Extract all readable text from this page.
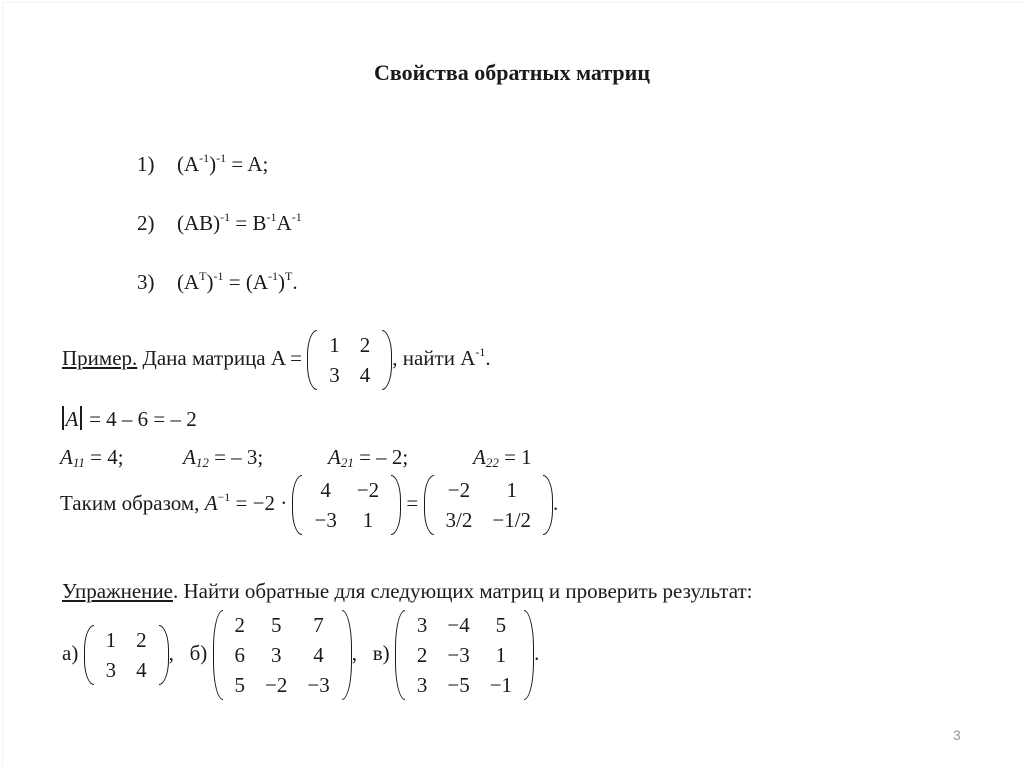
Свойства обратных матриц
1) $(A^{-1})^{-1} = A$;
2) $(AB)^{-1} = B^{-1}A^{-1}$
3) $(A^T)^{-1} = (A^{-1})^T$.
Пример. Дана матрица A =
1	2
3	4
, найти $A^{-1}$.
A = 4 – 6 = – 2
$A_{11} = 4$;	$A_{12}$ = – 3;	$A_{21}$ = – 2;	$A_{22} = 1$
Таким образом, $A^{-1} = -2$ ·
4	−2
−3	1
=
−2	1
3/2	−1/2
.
Упражнение. Найти обратные для следующих матриц и проверить результат:
а)
1	2
3	4
, б)
2	5	7
6	3	4
5	−2	−3
, в)
3	−4	5
2	−3	1
3	−5	−1
.
3
